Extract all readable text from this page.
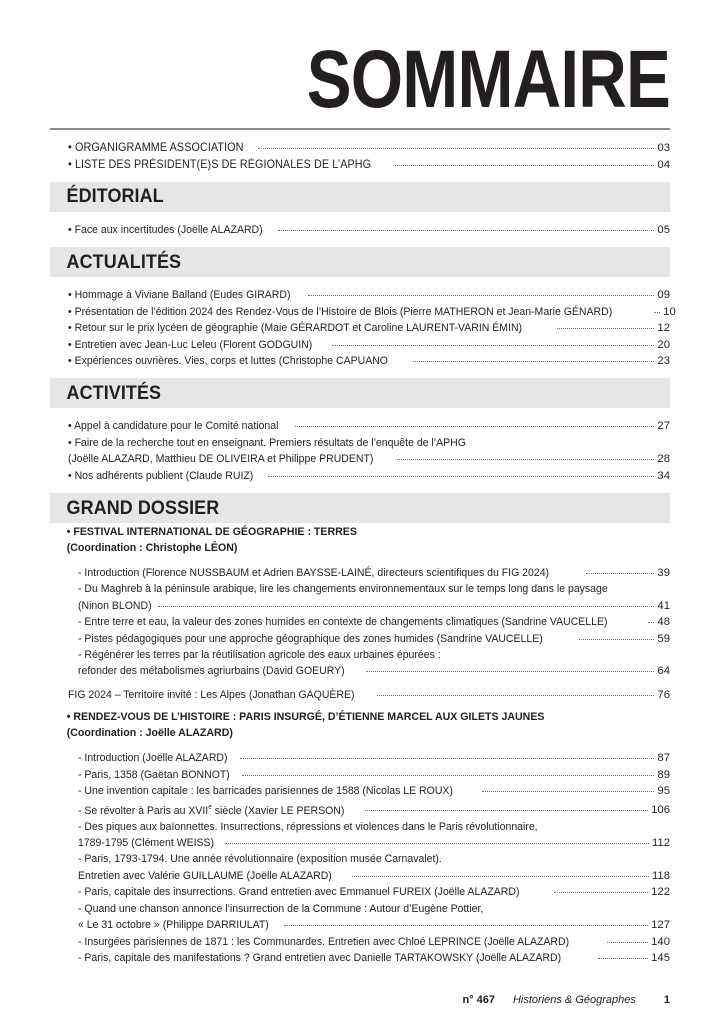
SOMMAIRE
• ORGANIGRAMME ASSOCIATION	03
• LISTE DES PRÉSIDENT(E)S DE RÉGIONALES DE L’APHG	04
ÉDITORIAL
• Face aux incertitudes (Joëlle ALAZARD)	05
ACTUALITÉS
• Hommage à Viviane Balland (Eudes GIRARD)	09
• Présentation de l’édition 2024 des Rendez-Vous de l’Histoire de Blois (Pierre MATHERON et Jean-Marie GÉNARD)	10
• Retour sur le prix lycéen de géographie (Maie GÉRARDOT et Caroline LAURENT-VARIN ÉMIN)	12
• Entretien avec Jean-Luc Leleu (Florent GODGUIN)	20
• Expériences ouvrières. Vies, corps et luttes (Christophe CAPUANO	23
ACTIVITÉS
• Appel à candidature pour le Comité national	27
• Faire de la recherche tout en enseignant. Premiers résultats de l’enquête de l’APHG
(Joëlle ALAZARD, Matthieu DE OLIVEIRA et Philippe PRUDENT)	28
• Nos adhérents publient (Claude RUIZ)	34
GRAND DOSSIER
• FESTIVAL INTERNATIONAL DE GÉOGRAPHIE : TERRES
(Coordination : Christophe LÉON)
- Introduction (Florence NUSSBAUM et Adrien BAYSSE-LAINÉ, directeurs scientifiques du FIG 2024)	39
- Du Maghreb à la péninsule arabique, lire les changements environnementaux sur le temps long dans le paysage
(Ninon BLOND)	41
- Entre terre et eau, la valeur des zones humides en contexte de changements climatiques (Sandrine VAUCELLE)	48
- Pistes pédagogiques pour une approche géographique des zones humides (Sandrine VAUCELLE)	59
- Régénérer les terres par la réutilisation agricole des eaux urbaines épurées :
refonder des métabolismes agriurbains (David GOEURY)	64
FIG 2024 – Territoire invité : Les Alpes (Jonathan GAQUÈRE)	76
• RENDEZ-VOUS DE L’HISTOIRE : PARIS INSURGÉ, D’ÉTIENNE MARCEL AUX GILETS JAUNES
(Coordination : Joëlle ALAZARD)
- Introduction (Joëlle ALAZARD)	87
- Paris, 1358 (Gaëtan BONNOT)	89
- Une invention capitale : les barricades parisiennes de 1588 (Nicolas LE ROUX)	95
- Se révolter à Paris au XVIIe siècle (Xavier LE PERSON)	106
- Des piques aux baïonnettes. Insurrections, répressions et violences dans le Paris révolutionnaire,
1789-1795 (Clément WEISS)	112
- Paris, 1793-1794. Une année révolutionnaire (exposition musée Carnavalet).
Entretien avec Valérie GUILLAUME (Joëlle ALAZARD)	118
- Paris, capitale des insurrections. Grand entretien avec Emmanuel FUREIX (Joëlle ALAZARD)	122
- Quand une chanson annonce l’insurrection de la Commune : Autour d’Eugène Pottier,
« Le 31 octobre » (Philippe DARRIULAT)	127
- Insurgées parisiennes de 1871 : les Communardes. Entretien avec Chloé LEPRINCE (Joëlle ALAZARD)	140
- Paris, capitale des manifestations ? Grand entretien avec Danielle TARTAKOWSKY (Joëlle ALAZARD)	145
n° 467 Historiens & Géographes	1
